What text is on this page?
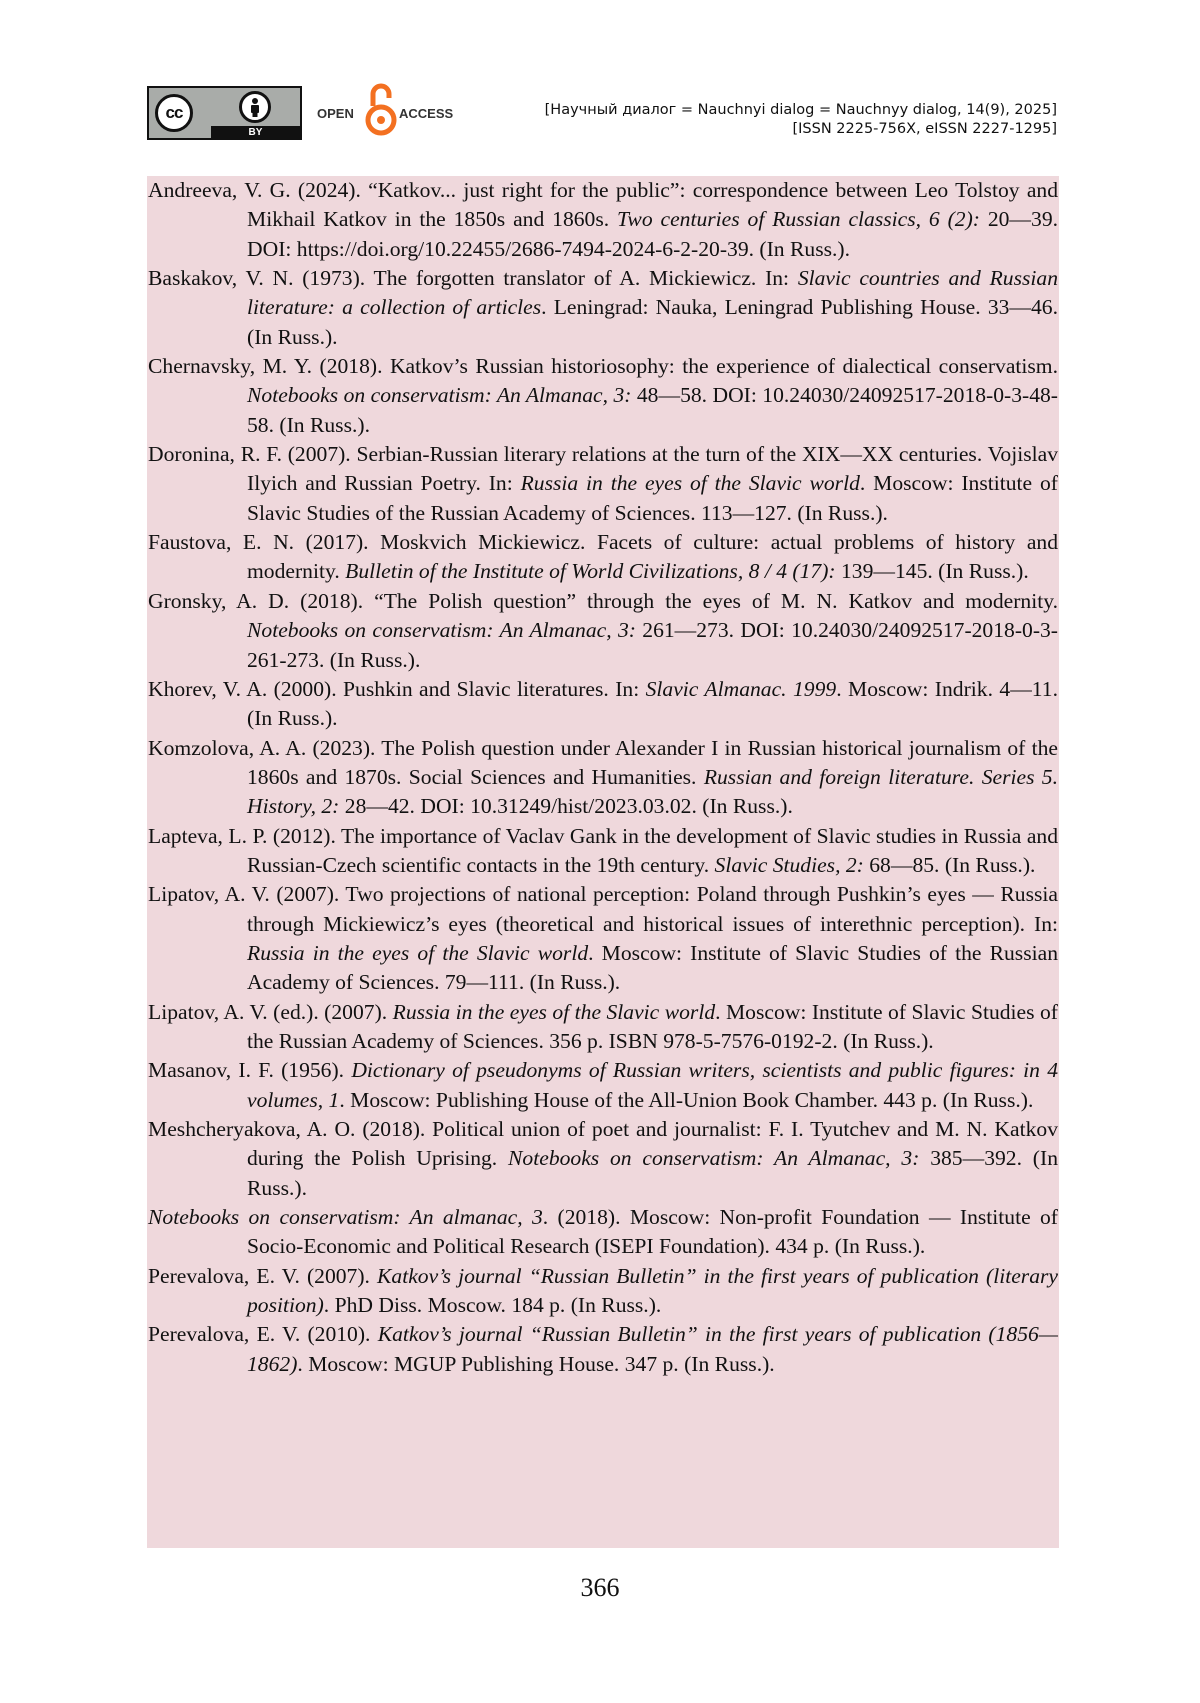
cc
BY
OPEN	ACCESS	[Научный диалог = Nauchnyi dialog = Nauchnyy dialog, 14(9), 2025]
[ISSN 2225-756X, eISSN 2227-1295]

Andreeva, V. G. (2024). “Katkov... just right for the public”: correspondence between Leo Tolstoy and Mikhail Katkov in the 1850s and 1860s. Two centuries of Russian classics, 6 (2): 20—39. DOI: https://doi.org/10.22455/2686-7494-2024-6-2-20-39. (In Russ.).

Baskakov, V. N. (1973). The forgotten translator of A. Mickiewicz. In: Slavic countries and Russian literature: a collection of articles. Leningrad: Nauka, Leningrad Publishing House. 33—46. (In Russ.).

Chernavsky, M. Y. (2018). Katkov’s Russian historiosophy: the experience of dialectical conservatism. Notebooks on conservatism: An Almanac, 3: 48—58. DOI: 10.24030/24092517-2018-0-3-48-58. (In Russ.).

Doronina, R. F. (2007). Serbian-Russian literary relations at the turn of the XIX—XX centuries. Vojislav Ilyich and Russian Poetry. In: Russia in the eyes of the Slavic world. Moscow: Institute of Slavic Studies of the Russian Academy of Sciences. 113—127. (In Russ.).

Faustova, E. N. (2017). Moskvich Mickiewicz. Facets of culture: actual problems of history and modernity. Bulletin of the Institute of World Civilizations, 8 / 4 (17): 139—145. (In Russ.).

Gronsky, A. D. (2018). “The Polish question” through the eyes of M. N. Katkov and modernity. Notebooks on conservatism: An Almanac, 3: 261—273. DOI: 10.24030/24092517-2018-0-3-261-273. (In Russ.).

Khorev, V. A. (2000). Pushkin and Slavic literatures. In: Slavic Almanac. 1999. Moscow: Indrik. 4—11. (In Russ.).

Komzolova, A. A. (2023). The Polish question under Alexander I in Russian historical journalism of the 1860s and 1870s. Social Sciences and Humanities. Russian and foreign literature. Series 5. History, 2: 28—42. DOI: 10.31249/hist/2023.03.02. (In Russ.).

Lapteva, L. P. (2012). The importance of Vaclav Gank in the development of Slavic studies in Russia and Russian-Czech scientific contacts in the 19th century. Slavic Studies, 2: 68—85. (In Russ.).

Lipatov, A. V. (2007). Two projections of national perception: Poland through Pushkin’s eyes — Russia through Mickiewicz’s eyes (theoretical and historical issues of interethnic perception). In: Russia in the eyes of the Slavic world. Moscow: Institute of Slavic Studies of the Russian Academy of Sciences. 79—111. (In Russ.).

Lipatov, A. V. (ed.). (2007). Russia in the eyes of the Slavic world. Moscow: Institute of Slavic Studies of the Russian Academy of Sciences. 356 p. ISBN 978-5-7576-0192-2. (In Russ.).

Masanov, I. F. (1956). Dictionary of pseudonyms of Russian writers, scientists and public figures: in 4 volumes, 1. Moscow: Publishing House of the All-Union Book Chamber. 443 p. (In Russ.).

Meshcheryakova, A. O. (2018). Political union of poet and journalist: F. I. Tyutchev and M. N. Katkov during the Polish Uprising. Notebooks on conservatism: An Almanac, 3: 385—392. (In Russ.).

Notebooks on conservatism: An almanac, 3. (2018). Moscow: Non-profit Foundation — Institute of Socio-Economic and Political Research (ISEPI Foundation). 434 p. (In Russ.).

Perevalova, E. V. (2007). Katkov’s journal “Russian Bulletin” in the first years of publication (literary position). PhD Diss. Moscow. 184 p. (In Russ.).

Perevalova, E. V. (2010). Katkov’s journal “Russian Bulletin” in the first years of publication (1856—1862). Moscow: MGUP Publishing House. 347 p. (In Russ.).

366
